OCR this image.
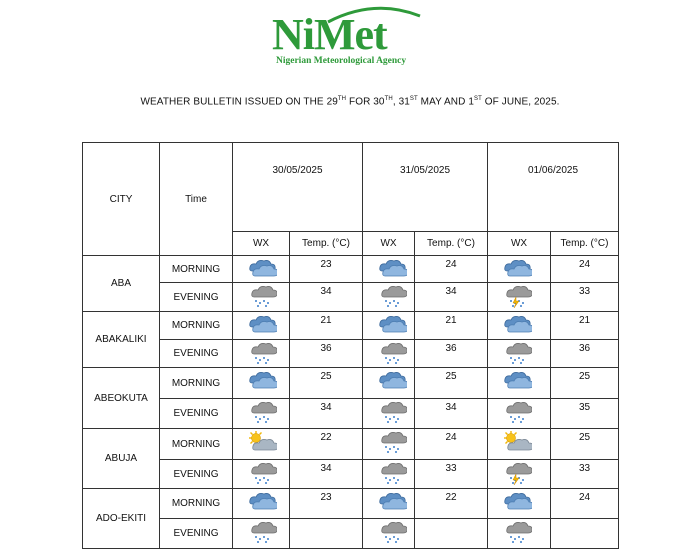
NiMet
Nigerian Meteorological Agency
WEATHER BULLETIN ISSUED ON THE 29TH FOR 30TH, 31ST MAY AND 1ST OF JUNE, 2025.
CITY	Time	30/05/2025		31/05/2025		01/06/2025	
		WX	Temp. (°C)	WX	Temp. (°C)	WX	Temp. (°C)
ABA	MORNING		23		24		24
	EVENING		34		34		33
ABAKALIKI	MORNING		21		21		21
	EVENING		36		36		36
ABEOKUTA	MORNING		25		25		25
	EVENING		34		34		35
ABUJA	MORNING		22		24		25
	EVENING		34		33		33
ADO-EKITI	MORNING		23		22		24
	EVENING	
